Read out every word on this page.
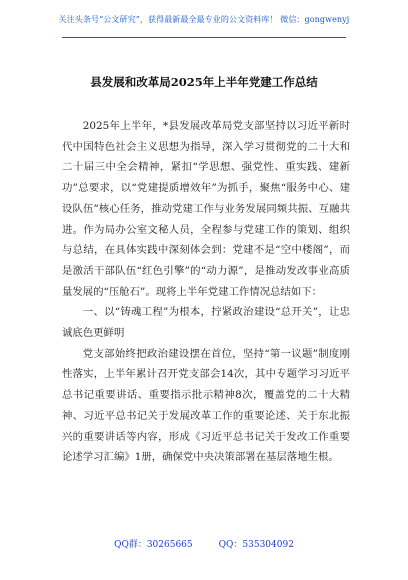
关注头条号“公文研究”，获得最新最全最专业的公文资料库！ 微信：gongwenyj
县发展和改革局2025年上半年党建工作总结

2025年上半年，*县发展改革局党支部坚持以习近平新时代中国特色社会主义思想为指导，深入学习贯彻党的二十大和二十届三中全会精神，紧扣“学思想、强党性、重实践、建新功”总要求，以“党建提质增效年”为抓手，聚焦“服务中心、建设队伍”核心任务，推动党建工作与业务发展同频共振、互融共进。作为局办公室文秘人员，全程参与党建工作的策划、组织与总结，在具体实践中深刻体会到：党建不是“空中楼阁”，而是激活干部队伍“红色引擎”的“动力源”，是推动发改事业高质量发展的“压舱石”。现将上半年党建工作情况总结如下：

一、以“铸魂工程”为根本，拧紧政治建设“总开关”，让忠诚底色更鲜明

党支部始终把政治建设摆在首位，坚持“第一议题”制度刚性落实，上半年累计召开党支部会14次，其中专题学习习近平总书记重要讲话、重要指示批示精神8次，覆盖党的二十大精神、习近平总书记关于发展改革工作的重要论述、关于东北振兴的重要讲话等内容，形成《习近平总书记关于发改工作重要论述学习汇编》1册，确保党中央决策部署在基层落地生根。

QQ群：30265665	QQ：535304092
